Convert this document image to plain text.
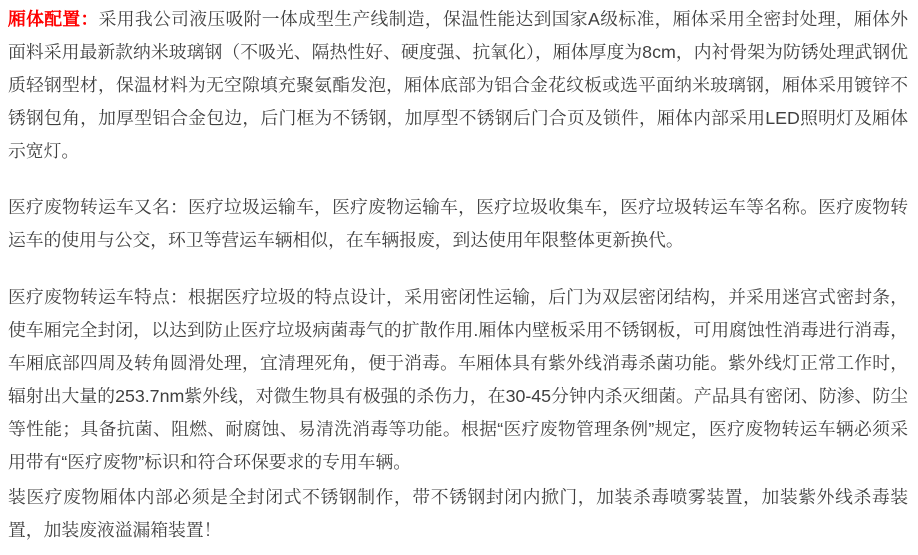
厢体配置：采用我公司液压吸附一体成型生产线制造，保温性能达到国家A级标准，厢体采用全密封处理，厢体外面料采用最新款纳米玻璃钢（不吸光、隔热性好、硬度强、抗氧化），厢体厚度为8cm，内衬骨架为防锈处理武钢优质轻钢型材，保温材料为无空隙填充聚氨酯发泡，厢体底部为铝合金花纹板或选平面纳米玻璃钢，厢体采用镀锌不锈钢包角，加厚型铝合金包边，后门框为不锈钢，加厚型不锈钢后门合页及锁件，厢体内部采用LED照明灯及厢体示宽灯。

医疗废物转运车又名：医疗垃圾运输车，医疗废物运输车，医疗垃圾收集车，医疗垃圾转运车等名称。医疗废物转运车的使用与公交，环卫等营运车辆相似，在车辆报废，到达使用年限整体更新换代。

医疗废物转运车特点：根据医疗垃圾的特点设计，采用密闭性运输，后门为双层密闭结构，并采用迷宫式密封条，使车厢完全封闭，以达到防止医疗垃圾病菌毒气的扩散作用.厢体内壁板采用不锈钢板，可用腐蚀性消毒进行消毒，车厢底部四周及转角圆滑处理，宜清理死角，便于消毒。车厢体具有紫外线消毒杀菌功能。紫外线灯正常工作时，辐射出大量的253.7nm紫外线，对微生物具有极强的杀伤力，在30-45分钟内杀灭细菌。产品具有密闭、防渗、防尘等性能；具备抗菌、阻燃、耐腐蚀、易清洗消毒等功能。根据“医疗废物管理条例”规定，医疗废物转运车辆必须采用带有“医疗废物”标识和符合环保要求的专用车辆。

装医疗废物厢体内部必须是全封闭式不锈钢制作，带不锈钢封闭内掀门，加装杀毒喷雾装置，加装紫外线杀毒装置，加装废液溢漏箱装置！
